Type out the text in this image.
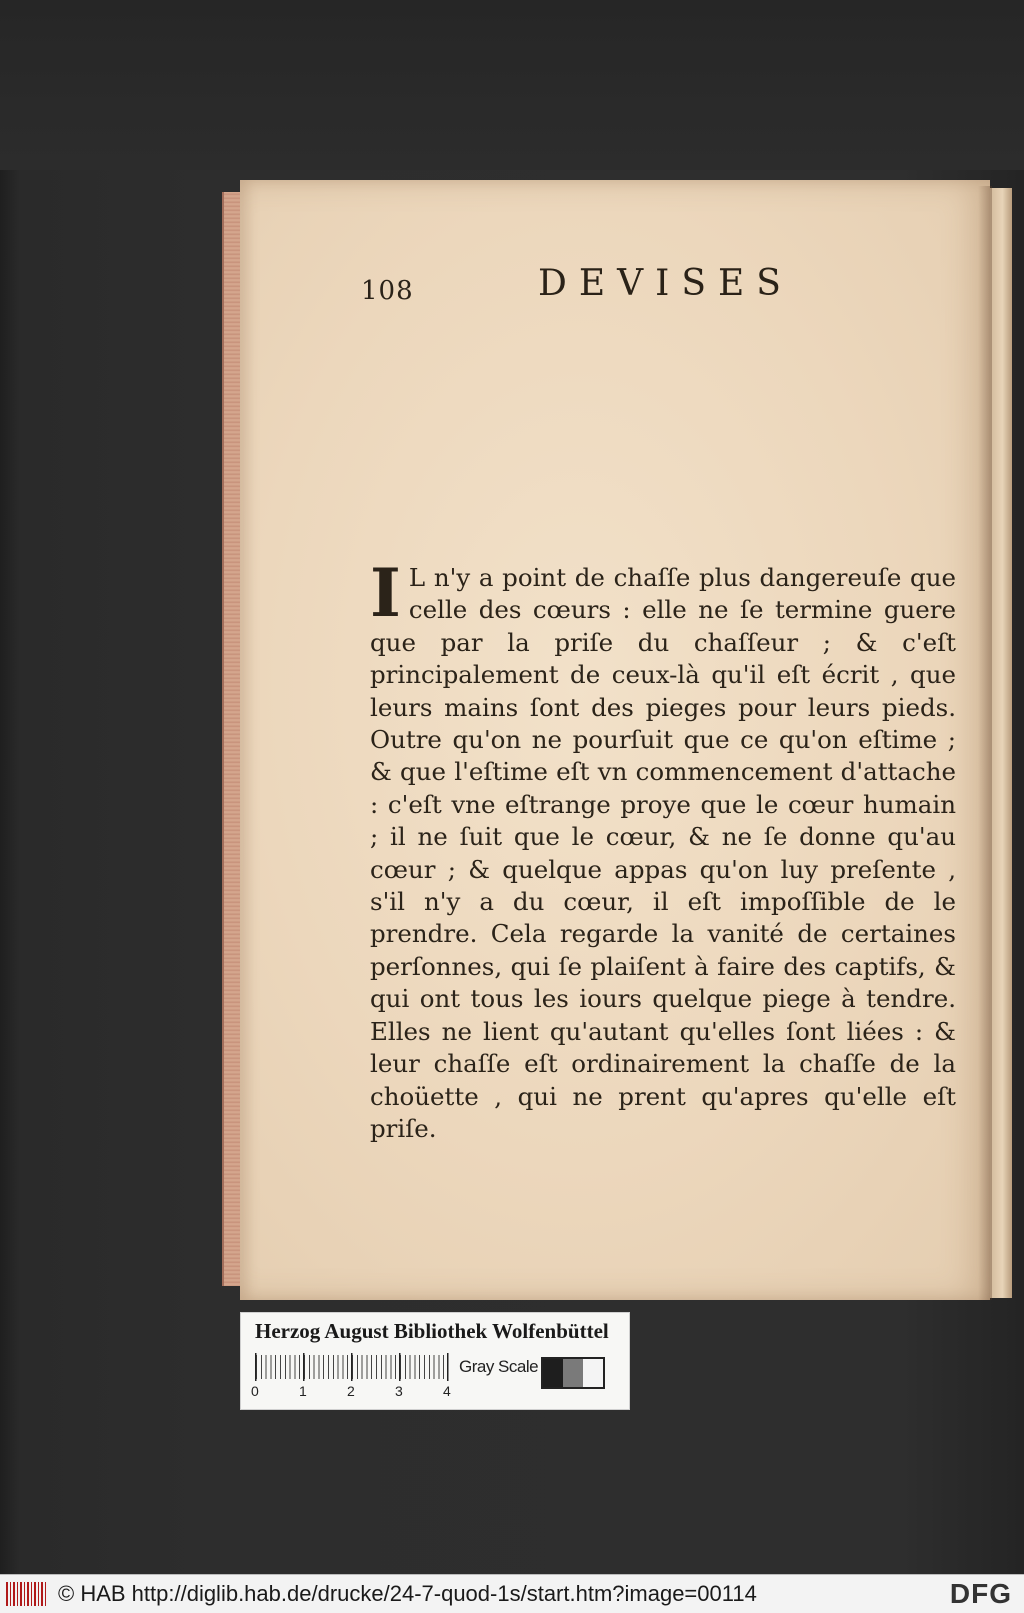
108	DEVISES
I L n'y a point de chaſſe plus dangereuſe que celle des cœurs : elle ne ſe termine guere que par la priſe du chaſſeur ; & c'eſt principalement de ceux-là qu'il eſt écrit , que leurs mains ſont des pieges pour leurs pieds. Outre qu'on ne pourſuit que ce qu'on eſtime ; & que l'eſtime eſt vn commencement d'attache : c'eſt vne eſtrange proye que le cœur humain ; il ne ſuit que le cœur, & ne ſe donne qu'au cœur ; & quelque appas qu'on luy preſente , s'il n'y a du cœur, il eſt impoſſible de le prendre. Cela regarde la vanité de certaines perſonnes, qui ſe plaiſent à faire des captifs, & qui ont tous les iours quelque piege à tendre. Elles ne lient qu'autant qu'elles ſont liées : & leur chaſſe eſt ordinairement la chaſſe de la choüette , qui ne prent qu'apres qu'elle eſt priſe.
Herzog August Bibliothek Wolfenbüttel
0	1	2	3	4
Gray Scale
© HAB http://diglib.hab.de/drucke/24-7-quod-1s/start.htm?image=00114	DFG
